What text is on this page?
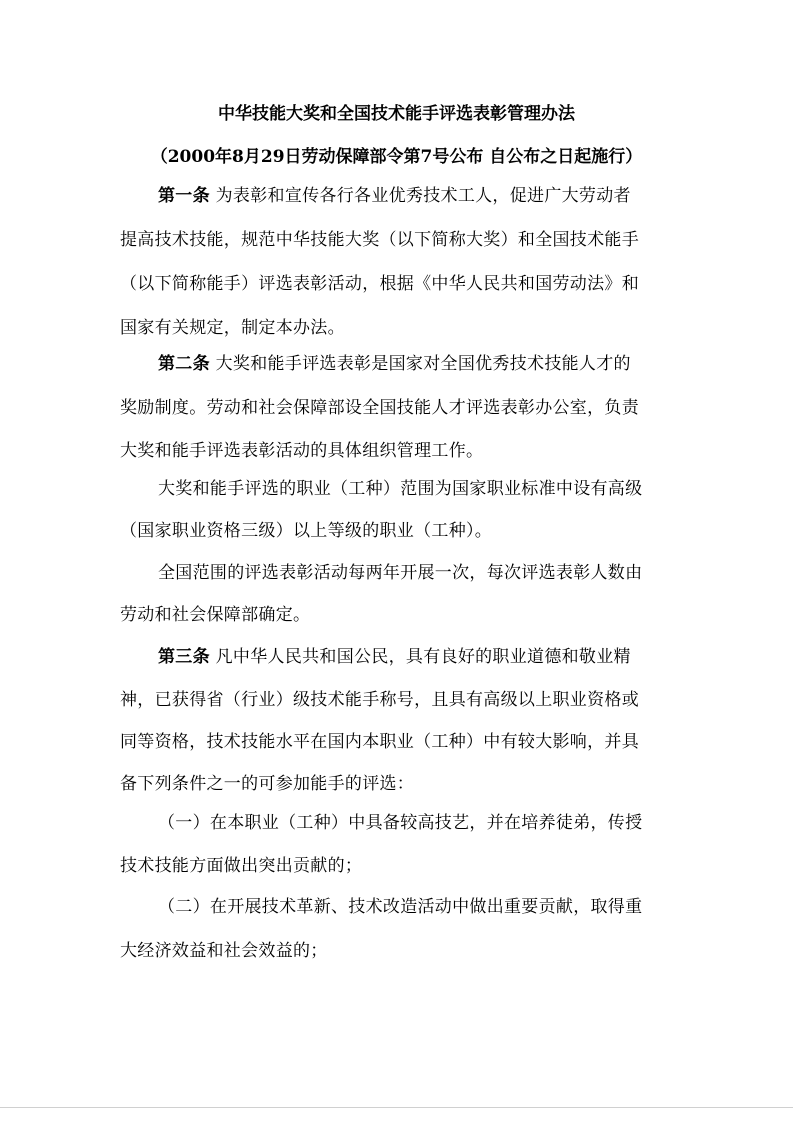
中华技能大奖和全国技术能手评选表彰管理办法
（2000年8月29日劳动保障部令第7号公布 自公布之日起施行）
第一条 为表彰和宣传各行各业优秀技术工人，促进广大劳动者
提高技术技能，规范中华技能大奖（以下简称大奖）和全国技术能手
（以下简称能手）评选表彰活动，根据《中华人民共和国劳动法》和
国家有关规定，制定本办法。
第二条 大奖和能手评选表彰是国家对全国优秀技术技能人才的
奖励制度。劳动和社会保障部设全国技能人才评选表彰办公室，负责
大奖和能手评选表彰活动的具体组织管理工作。
大奖和能手评选的职业（工种）范围为国家职业标准中设有高级
（国家职业资格三级）以上等级的职业（工种）。
全国范围的评选表彰活动每两年开展一次，每次评选表彰人数由
劳动和社会保障部确定。
第三条 凡中华人民共和国公民，具有良好的职业道德和敬业精
神，已获得省（行业）级技术能手称号，且具有高级以上职业资格或
同等资格，技术技能水平在国内本职业（工种）中有较大影响，并具
备下列条件之一的可参加能手的评选：
（一）在本职业（工种）中具备较高技艺，并在培养徒弟，传授
技术技能方面做出突出贡献的；
（二）在开展技术革新、技术改造活动中做出重要贡献，取得重
大经济效益和社会效益的；
